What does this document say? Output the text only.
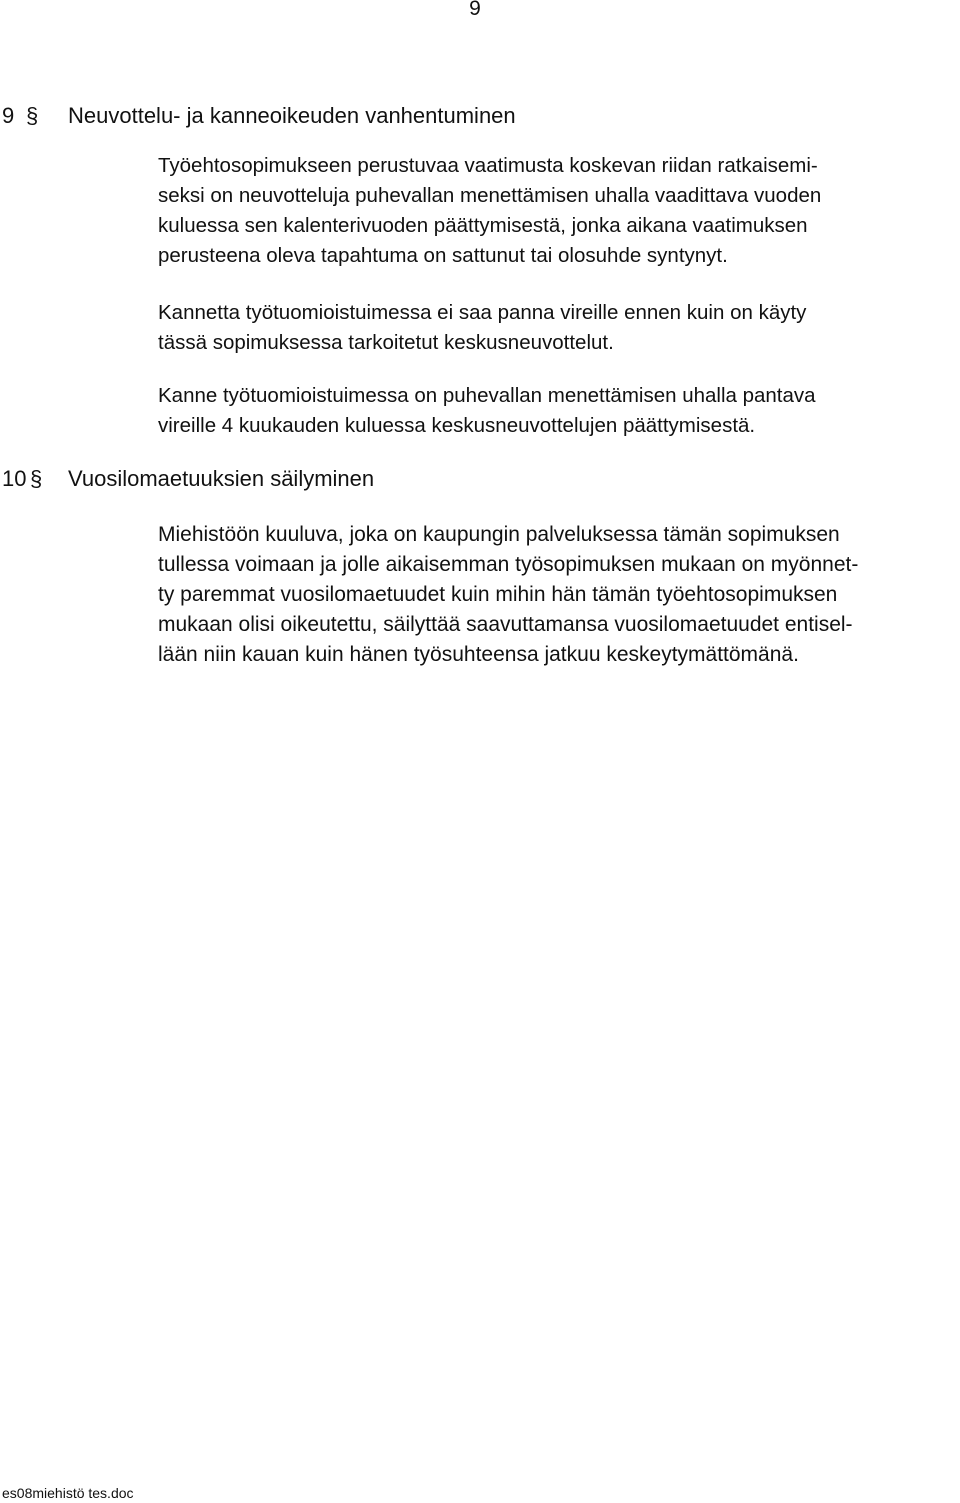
9
9 § Neuvottelu- ja kanneoikeuden vanhentuminen
Työehtosopimukseen perustuvaa vaatimusta koskevan riidan ratkaisemi-
seksi on neuvotteluja puhevallan menettämisen uhalla vaadittava vuoden
kuluessa sen kalenterivuoden päättymisestä, jonka aikana vaatimuksen
perusteena oleva tapahtuma on sattunut tai olosuhde syntynyt.
Kannetta työtuomioistuimessa ei saa panna vireille ennen kuin on käyty
tässä sopimuksessa tarkoitetut keskusneuvottelut.
Kanne työtuomioistuimessa on puhevallan menettämisen uhalla pantava
vireille 4 kuukauden kuluessa keskusneuvottelujen päättymisestä.
10 § Vuosilomaetuuksien säilyminen
Miehistöön kuuluva, joka on kaupungin palveluksessa tämän sopimuksen
tullessa voimaan ja jolle aikaisemman työsopimuksen mukaan on myönnet-
ty paremmat vuosilomaetuudet kuin mihin hän tämän työehtosopimuksen
mukaan olisi oikeutettu, säilyttää saavuttamansa vuosilomaetuudet entisel-
lään niin kauan kuin hänen työsuhteensa jatkuu keskeytymättömänä.
es08miehistö tes.doc
